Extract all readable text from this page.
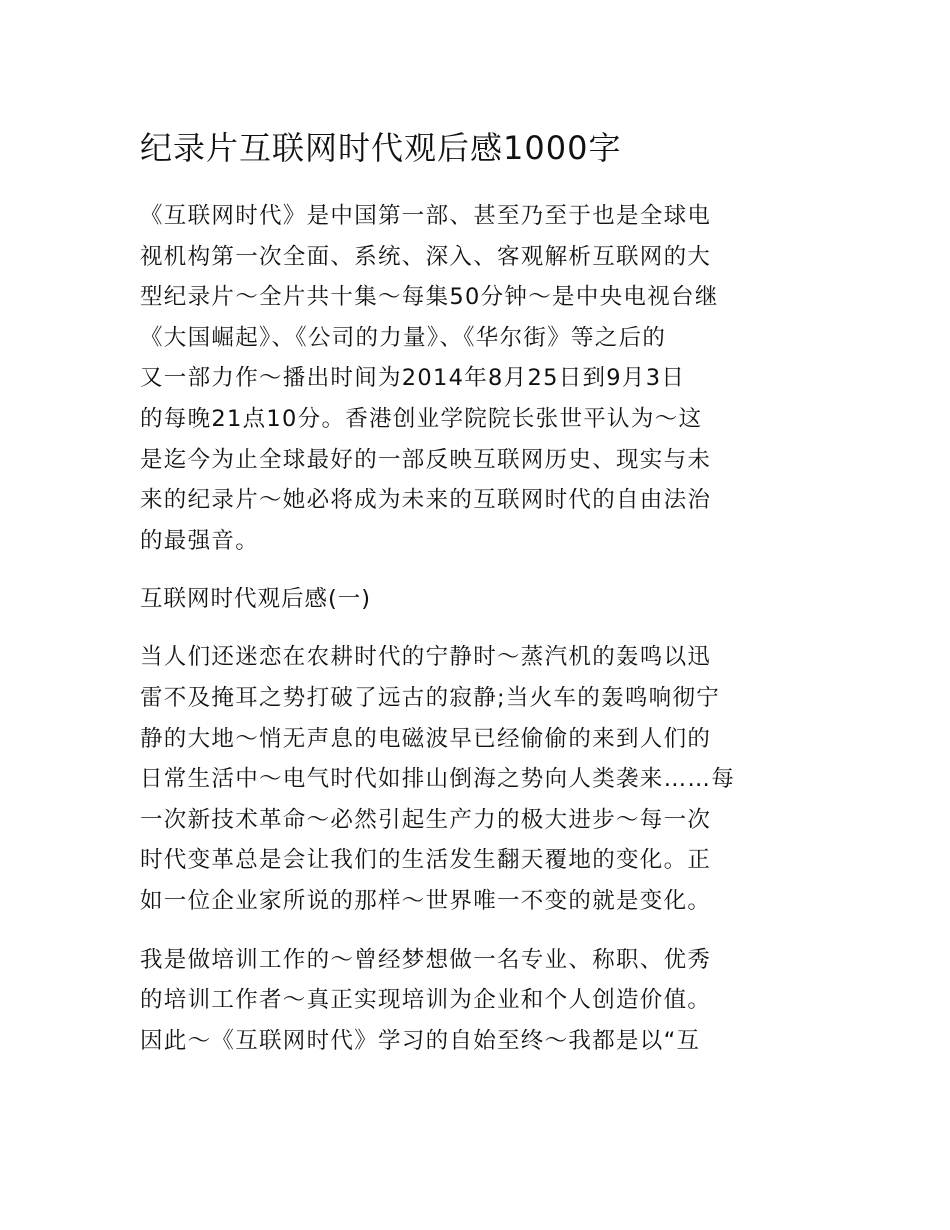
纪录片互联网时代观后感1000字
《互联网时代》是中国第一部、甚至乃至于也是全球电
视机构第一次全面、系统、深入、客观解析互联网的大
型纪录片～全片共十集～每集50分钟～是中央电视台继
《大国崛起》、《公司的力量》、《华尔街》等之后的
又一部力作～播出时间为2014年8月25日到9月3日
的每晚21点10分。香港创业学院院长张世平认为～这
是迄今为止全球最好的一部反映互联网历史、现实与未
来的纪录片～她必将成为未来的互联网时代的自由法治
的最强音。
互联网时代观后感(一)
当人们还迷恋在农耕时代的宁静时～蒸汽机的轰鸣以迅
雷不及掩耳之势打破了远古的寂静;当火车的轰鸣响彻宁
静的大地～悄无声息的电磁波早已经偷偷的来到人们的
日常生活中～电气时代如排山倒海之势向人类袭来……每
一次新技术革命～必然引起生产力的极大进步～每一次
时代变革总是会让我们的生活发生翻天覆地的变化。正
如一位企业家所说的那样～世界唯一不变的就是变化。
我是做培训工作的～曾经梦想做一名专业、称职、优秀
的培训工作者～真正实现培训为企业和个人创造价值。
因此～《互联网时代》学习的自始至终～我都是以“互
